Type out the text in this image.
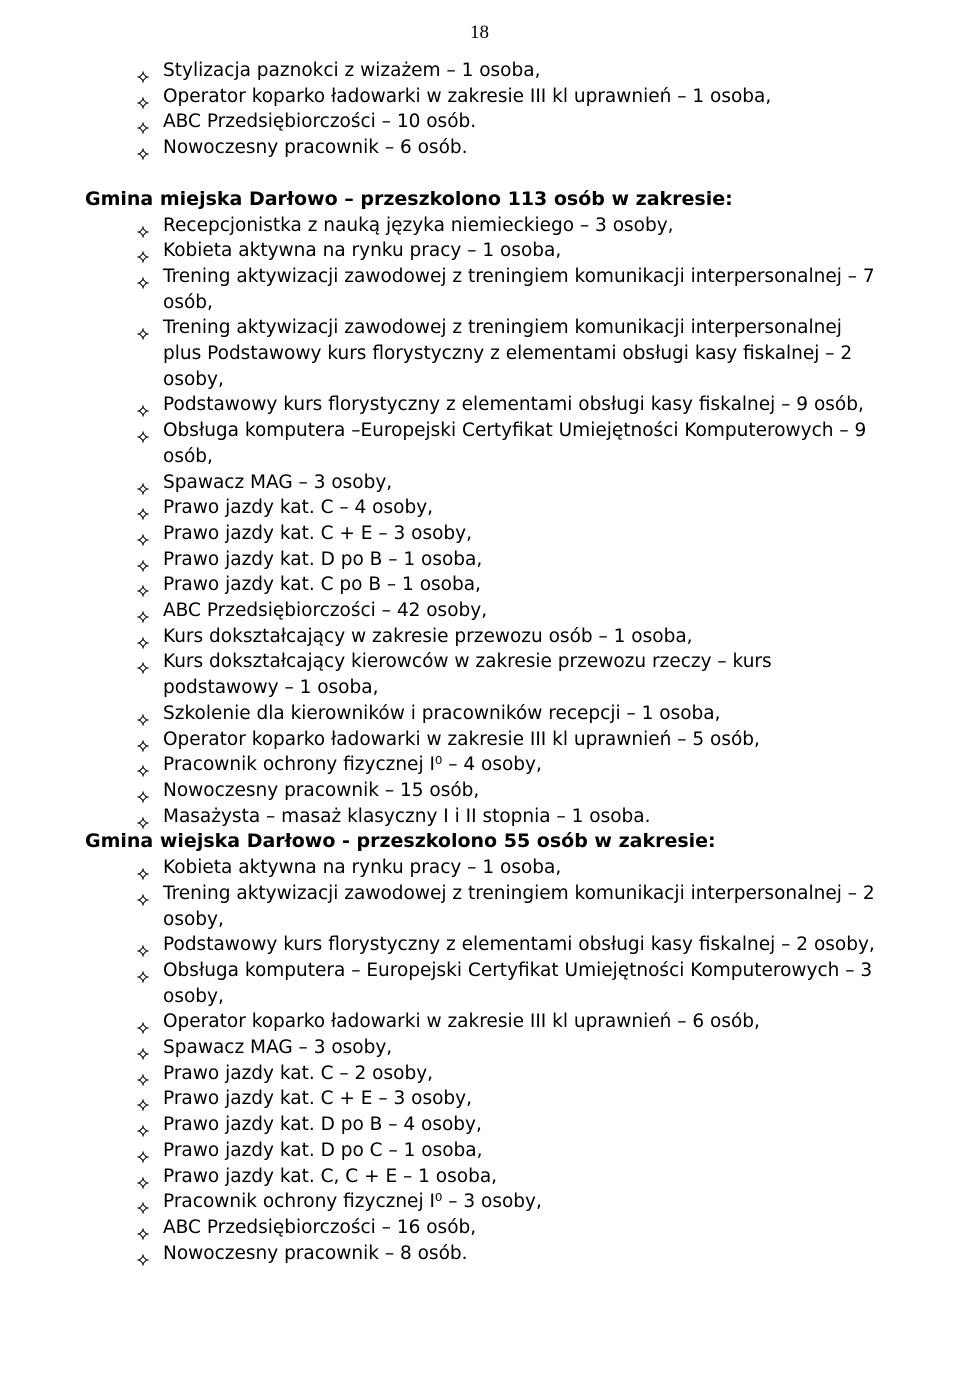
18
Stylizacja paznokci z wizażem – 1 osoba,
Operator koparko ładowarki w zakresie III kl uprawnień – 1 osoba,
ABC Przedsiębiorczości – 10 osób.
Nowoczesny pracownik – 6 osób.
Gmina miejska Darłowo – przeszkolono 113 osób w zakresie:
Recepcjonistka z nauką języka niemieckiego – 3 osoby,
Kobieta aktywna na rynku pracy – 1 osoba,
Trening aktywizacji zawodowej z treningiem komunikacji interpersonalnej – 7 osób,
Trening aktywizacji zawodowej z treningiem komunikacji interpersonalnej plus Podstawowy kurs florystyczny z elementami obsługi kasy fiskalnej – 2 osoby,
Podstawowy kurs florystyczny z elementami obsługi kasy fiskalnej – 9 osób,
Obsługa komputera –Europejski Certyfikat Umiejętności Komputerowych – 9 osób,
Spawacz MAG – 3 osoby,
Prawo jazdy kat. C – 4 osoby,
Prawo jazdy kat. C + E – 3 osoby,
Prawo jazdy kat. D po B – 1 osoba,
Prawo jazdy kat. C po B – 1 osoba,
ABC Przedsiębiorczości – 42 osoby,
Kurs dokształcający w zakresie przewozu osób – 1 osoba,
Kurs dokształcający kierowców w zakresie przewozu rzeczy – kurs podstawowy – 1 osoba,
Szkolenie dla kierowników i pracowników recepcji – 1 osoba,
Operator koparko ładowarki w zakresie III kl uprawnień – 5 osób,
Pracownik ochrony fizycznej I⁰ – 4 osoby,
Nowoczesny pracownik – 15 osób,
Masażysta – masaż klasyczny I i II stopnia – 1 osoba.
Gmina wiejska Darłowo - przeszkolono 55 osób w zakresie:
Kobieta aktywna na rynku pracy – 1 osoba,
Trening aktywizacji zawodowej z treningiem komunikacji interpersonalnej – 2 osoby,
Podstawowy kurs florystyczny z elementami obsługi kasy fiskalnej – 2 osoby,
Obsługa komputera – Europejski Certyfikat Umiejętności Komputerowych – 3 osoby,
Operator koparko ładowarki w zakresie III kl uprawnień – 6 osób,
Spawacz MAG – 3 osoby,
Prawo jazdy kat. C – 2 osoby,
Prawo jazdy kat. C + E – 3 osoby,
Prawo jazdy kat. D po B – 4 osoby,
Prawo jazdy kat. D po C – 1 osoba,
Prawo jazdy kat. C, C + E – 1 osoba,
Pracownik ochrony fizycznej I⁰ – 3 osoby,
ABC Przedsiębiorczości – 16 osób,
Nowoczesny pracownik – 8 osób.
